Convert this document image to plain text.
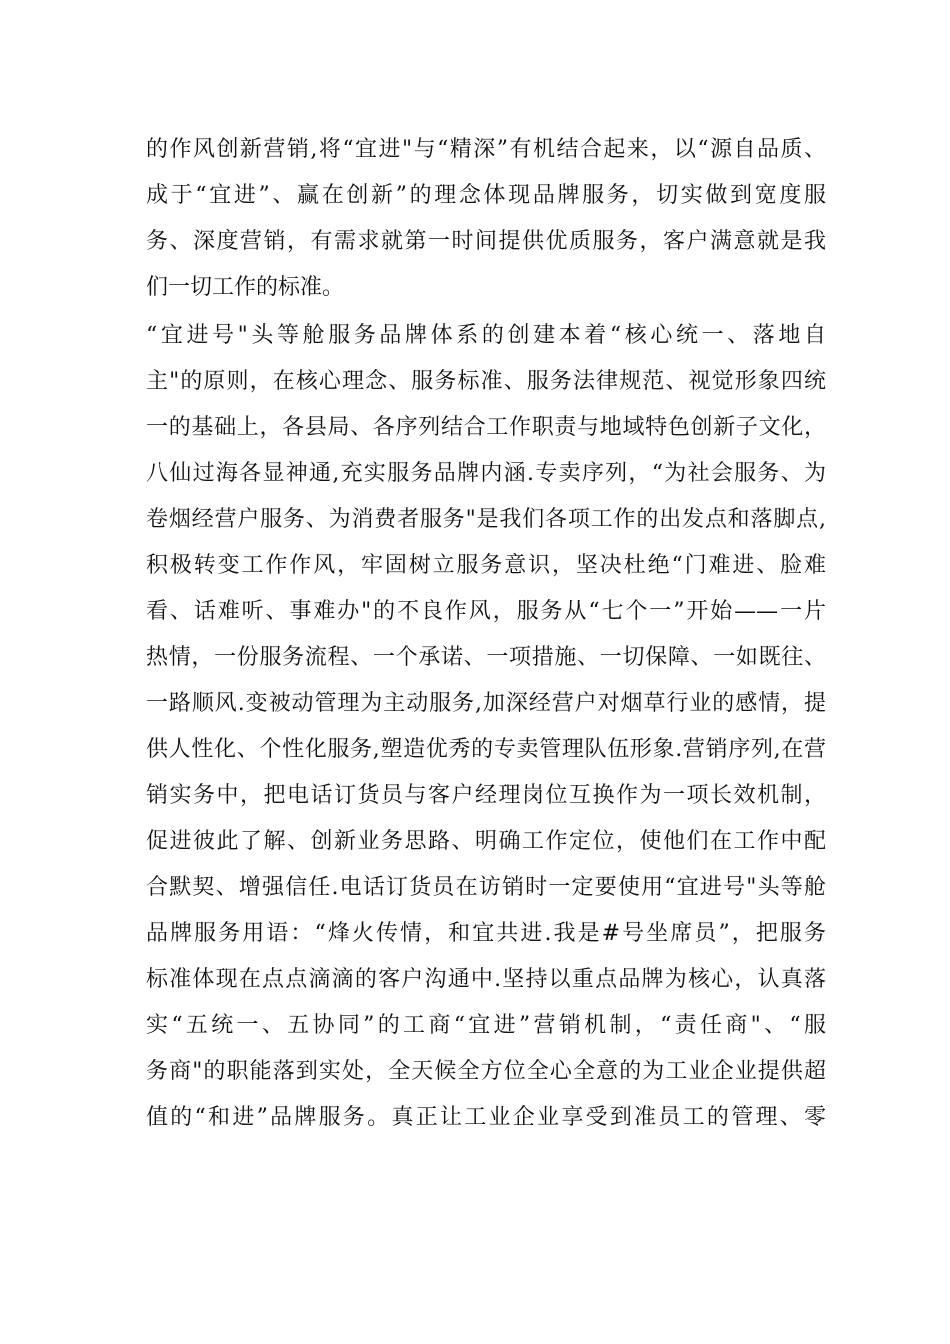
的作风创新营销,将“宜进"与“精深”有机结合起来，以“源自品质、
成于“宜进”、赢在创新”的理念体现品牌服务，切实做到宽度服
务、深度营销，有需求就第一时间提供优质服务，客户满意就是我
们一切工作的标准。
“宜进号"头等舱服务品牌体系的创建本着“核心统一、落地自
主"的原则，在核心理念、服务标准、服务法律规范、视觉形象四统
一的基础上，各县局、各序列结合工作职责与地域特色创新子文化，
八仙过海各显神通,充实服务品牌内涵.专卖序列，“为社会服务、为
卷烟经营户服务、为消费者服务"是我们各项工作的出发点和落脚点,
积极转变工作作风，牢固树立服务意识，坚决杜绝“门难进、脸难
看、话难听、事难办"的不良作风，服务从“七个一”开始——一片
热情，一份服务流程、一个承诺、一项措施、一切保障、一如既往、
一路顺风.变被动管理为主动服务,加深经营户对烟草行业的感情，提
供人性化、个性化服务,塑造优秀的专卖管理队伍形象.营销序列,在营
销实务中，把电话订货员与客户经理岗位互换作为一项长效机制，
促进彼此了解、创新业务思路、明确工作定位，使他们在工作中配
合默契、增强信任.电话订货员在访销时一定要使用“宜进号"头等舱
品牌服务用语：“烽火传情，和宜共进.我是#号坐席员”，把服务
标准体现在点点滴滴的客户沟通中.坚持以重点品牌为核心，认真落
实“五统一、五协同”的工商“宜进”营销机制，“责任商"、“服
务商"的职能落到实处，全天候全方位全心全意的为工业企业提供超
值的“和进”品牌服务。真正让工业企业享受到准员工的管理、零
